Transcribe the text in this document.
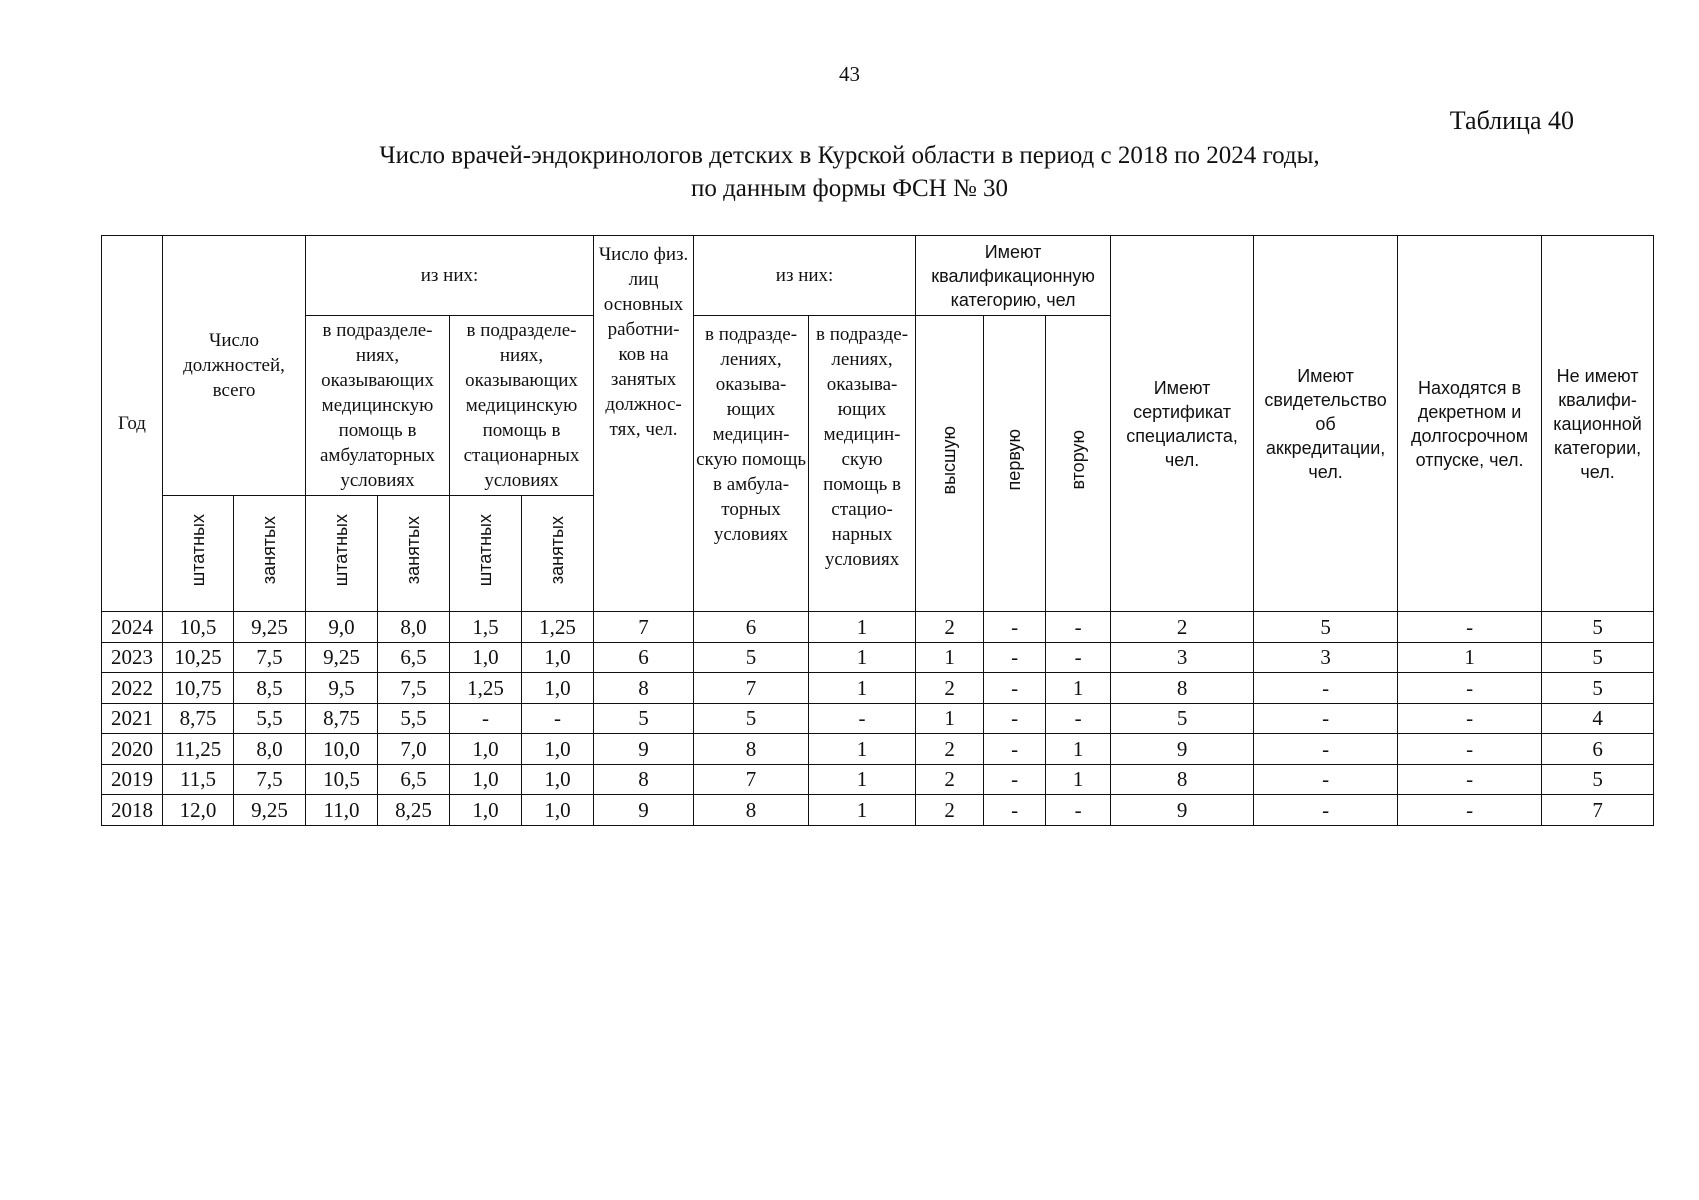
43
Таблица 40
Число врачей-эндокринологов детских в Курской области в период с 2018 по 2024 годы,
по данным формы ФСН № 30
Год	Число должностей, всего		из них:				Число физ. лиц основных работни-ков на занятых должнос-тях, чел.	из них:		Имеют квалификационную категорию, чел			Имеют сертификат специалиста, чел.	Имеют свидетельство об аккредитации, чел.	Находятся в декретном и долгосрочном отпуске, чел.	Не имеют квалифи-кационной категории, чел.
			в подразделе-ниях, оказывающих медицинскую помощь в амбулаторных условиях		в подразделе-ниях, оказывающих медицинскую помощь в стационарных условиях			в подразде-лениях, оказыва-ющих медицин-скую помощь в амбула-торных условиях	в подразде-лениях, оказыва-ющих медицин-скую помощь в стацио-нарных условиях	высшую	первую	вторую				
	штатных	занятых	штатных	занятых	штатных	занятых										
2024	10,5	9,25	9,0	8,0	1,5	1,25	7	6	1	2	-	-	2	5	-	5
2023	10,25	7,5	9,25	6,5	1,0	1,0	6	5	1	1	-	-	3	3	1	5
2022	10,75	8,5	9,5	7,5	1,25	1,0	8	7	1	2	-	1	8	-	-	5
2021	8,75	5,5	8,75	5,5	-	-	5	5	-	1	-	-	5	-	-	4
2020	11,25	8,0	10,0	7,0	1,0	1,0	9	8	1	2	-	1	9	-	-	6
2019	11,5	7,5	10,5	6,5	1,0	1,0	8	7	1	2	-	1	8	-	-	5
2018	12,0	9,25	11,0	8,25	1,0	1,0	9	8	1	2	-	-	9	-	-	7
